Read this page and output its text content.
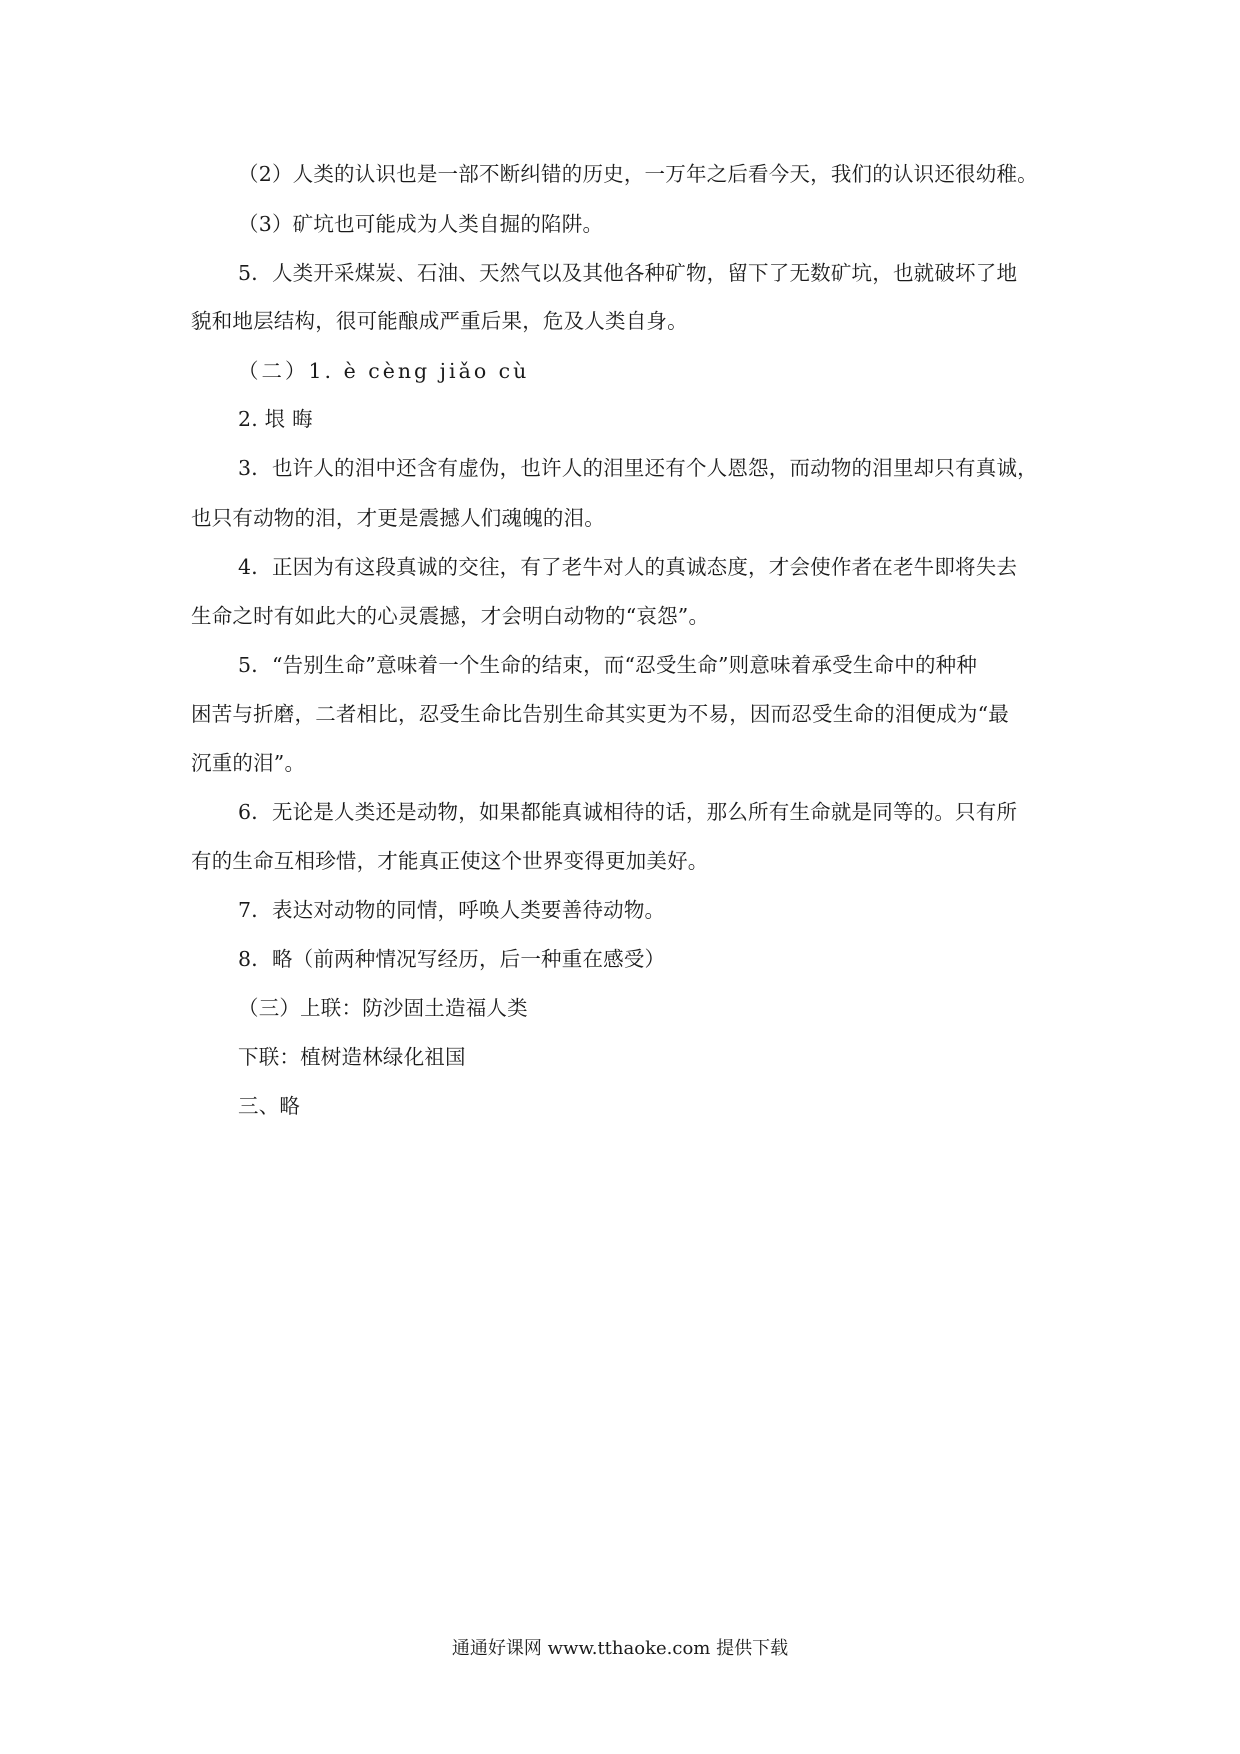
（2）人类的认识也是一部不断纠错的历史，一万年之后看今天，我们的认识还很幼稚。
（3）矿坑也可能成为人类自掘的陷阱。
5．人类开采煤炭、石油、天然气以及其他各种矿物，留下了无数矿坑，也就破坏了地
貌和地层结构，很可能酿成严重后果，危及人类自身。
（二）1. è cèng jiǎo cù
2. 垠 晦
3．也许人的泪中还含有虚伪，也许人的泪里还有个人恩怨，而动物的泪里却只有真诚，
也只有动物的泪，才更是震撼人们魂魄的泪。
4．正因为有这段真诚的交往，有了老牛对人的真诚态度，才会使作者在老牛即将失去
生命之时有如此大的心灵震撼，才会明白动物的“哀怨”。
5．“告别生命”意味着一个生命的结束，而“忍受生命”则意味着承受生命中的种种
困苦与折磨，二者相比，忍受生命比告别生命其实更为不易，因而忍受生命的泪便成为“最
沉重的泪”。
6．无论是人类还是动物，如果都能真诚相待的话，那么所有生命就是同等的。只有所
有的生命互相珍惜，才能真正使这个世界变得更加美好。
7．表达对动物的同情，呼唤人类要善待动物。
8．略（前两种情况写经历，后一种重在感受）
（三）上联：防沙固土造福人类
下联：植树造林绿化祖国
三、略
通通好课网 www.tthaoke.com 提供下载
